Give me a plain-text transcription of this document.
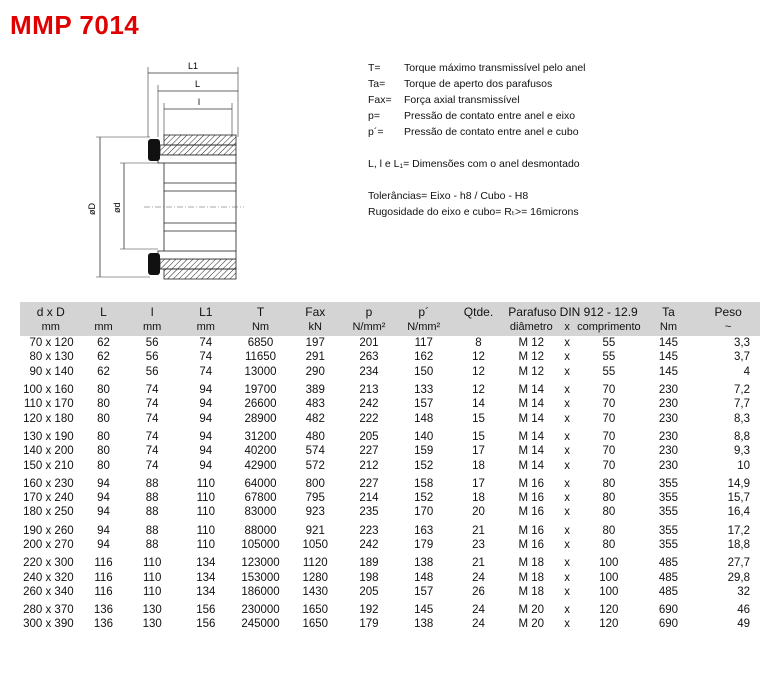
MMP 7014
L1
L
l
øD ød
T=	Torque máximo transmissível pelo anel
Ta=	Torque de aperto dos parafusos
Fax=	Força axial transmissível
p=	Pressão de contato entre anel e eixo
p´=	Pressão de contato entre anel e cubo
L, l e L₁= Dimensões com o anel desmontado
Tolerâncias= Eixo - h8 / Cubo - H8
Rugosidade do eixo e cubo= Rₜ>= 16microns
d x D	L	l	L1	T	Fax	p	p´	Qtde.	Parafuso DIN 912 - 12.9			Ta	Peso
mm	mm	mm	mm	Nm	kN	N/mm²	N/mm²		diâmetro	x	comprimento	Nm	~
70 x 120	62	56	74	6850	197	201	117	8	M 12	x	55	145	3,3
80 x 130	62	56	74	11650	291	263	162	12	M 12	x	55	145	3,7
90 x 140	62	56	74	13000	290	234	150	12	M 12	x	55	145	4
100 x 160	80	74	94	19700	389	213	133	12	M 14	x	70	230	7,2
110 x 170	80	74	94	26600	483	242	157	14	M 14	x	70	230	7,7
120 x 180	80	74	94	28900	482	222	148	15	M 14	x	70	230	8,3
130 x 190	80	74	94	31200	480	205	140	15	M 14	x	70	230	8,8
140 x 200	80	74	94	40200	574	227	159	17	M 14	x	70	230	9,3
150 x 210	80	74	94	42900	572	212	152	18	M 14	x	70	230	10
160 x 230	94	88	110	64000	800	227	158	17	M 16	x	80	355	14,9
170 x 240	94	88	110	67800	795	214	152	18	M 16	x	80	355	15,7
180 x 250	94	88	110	83000	923	235	170	20	M 16	x	80	355	16,4
190 x 260	94	88	110	88000	921	223	163	21	M 16	x	80	355	17,2
200 x 270	94	88	110	105000	1050	242	179	23	M 16	x	80	355	18,8
220 x 300	116	110	134	123000	1120	189	138	21	M 18	x	100	485	27,7
240 x 320	116	110	134	153000	1280	198	148	24	M 18	x	100	485	29,8
260 x 340	116	110	134	186000	1430	205	157	26	M 18	x	100	485	32
280 x 370	136	130	156	230000	1650	192	145	24	M 20	x	120	690	46
300 x 390	136	130	156	245000	1650	179	138	24	M 20	x	120	690	49
